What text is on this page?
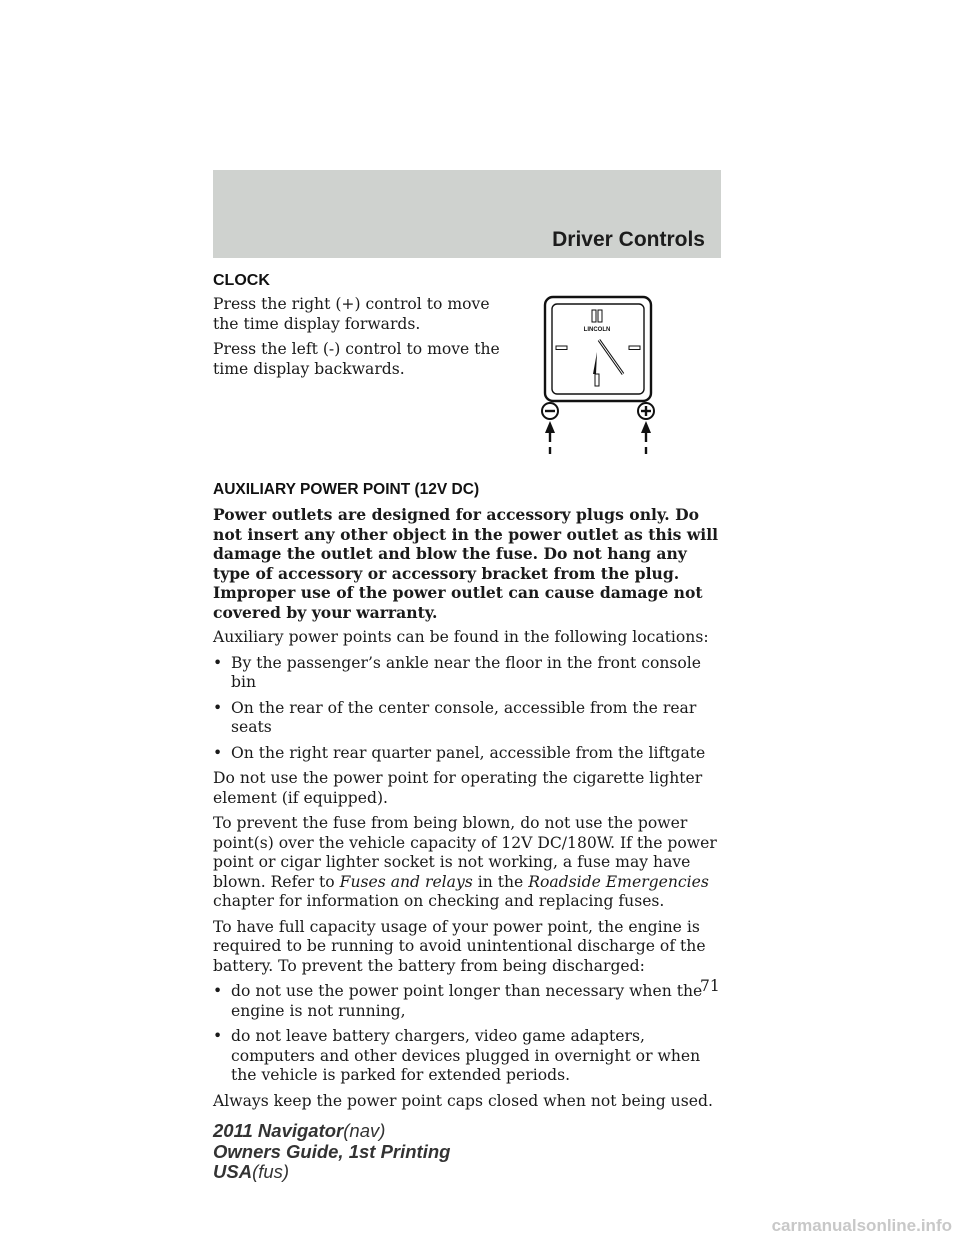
Driver Controls
CLOCK

Press the right (+) control to move the time display forwards.

Press the left (-) control to move the time display backwards.

LINCOLN
AUXILIARY POWER POINT (12V DC)

Power outlets are designed for accessory plugs only. Do not insert any other object in the power outlet as this will damage the outlet and blow the fuse. Do not hang any type of accessory or accessory bracket from the plug. Improper use of the power outlet can cause damage not covered by your warranty.

Auxiliary power points can be found in the following locations:

• By the passenger’s ankle near the floor in the front console bin
• On the rear of the center console, accessible from the rear seats
• On the right rear quarter panel, accessible from the liftgate

Do not use the power point for operating the cigarette lighter element (if equipped).

To prevent the fuse from being blown, do not use the power point(s) over the vehicle capacity of 12V DC/180W. If the power point or cigar lighter socket is not working, a fuse may have blown. Refer to Fuses and relays in the Roadside Emergencies chapter for information on checking and replacing fuses.

To have full capacity usage of your power point, the engine is required to be running to avoid unintentional discharge of the battery. To prevent the battery from being discharged:

• do not use the power point longer than necessary when the engine is not running,
• do not leave battery chargers, video game adapters, computers and other devices plugged in overnight or when the vehicle is parked for extended periods.

Always keep the power point caps closed when not being used.

71
2011 Navigator(nav)
Owners Guide, 1st Printing
USA(fus)
carmanualsonline.info
